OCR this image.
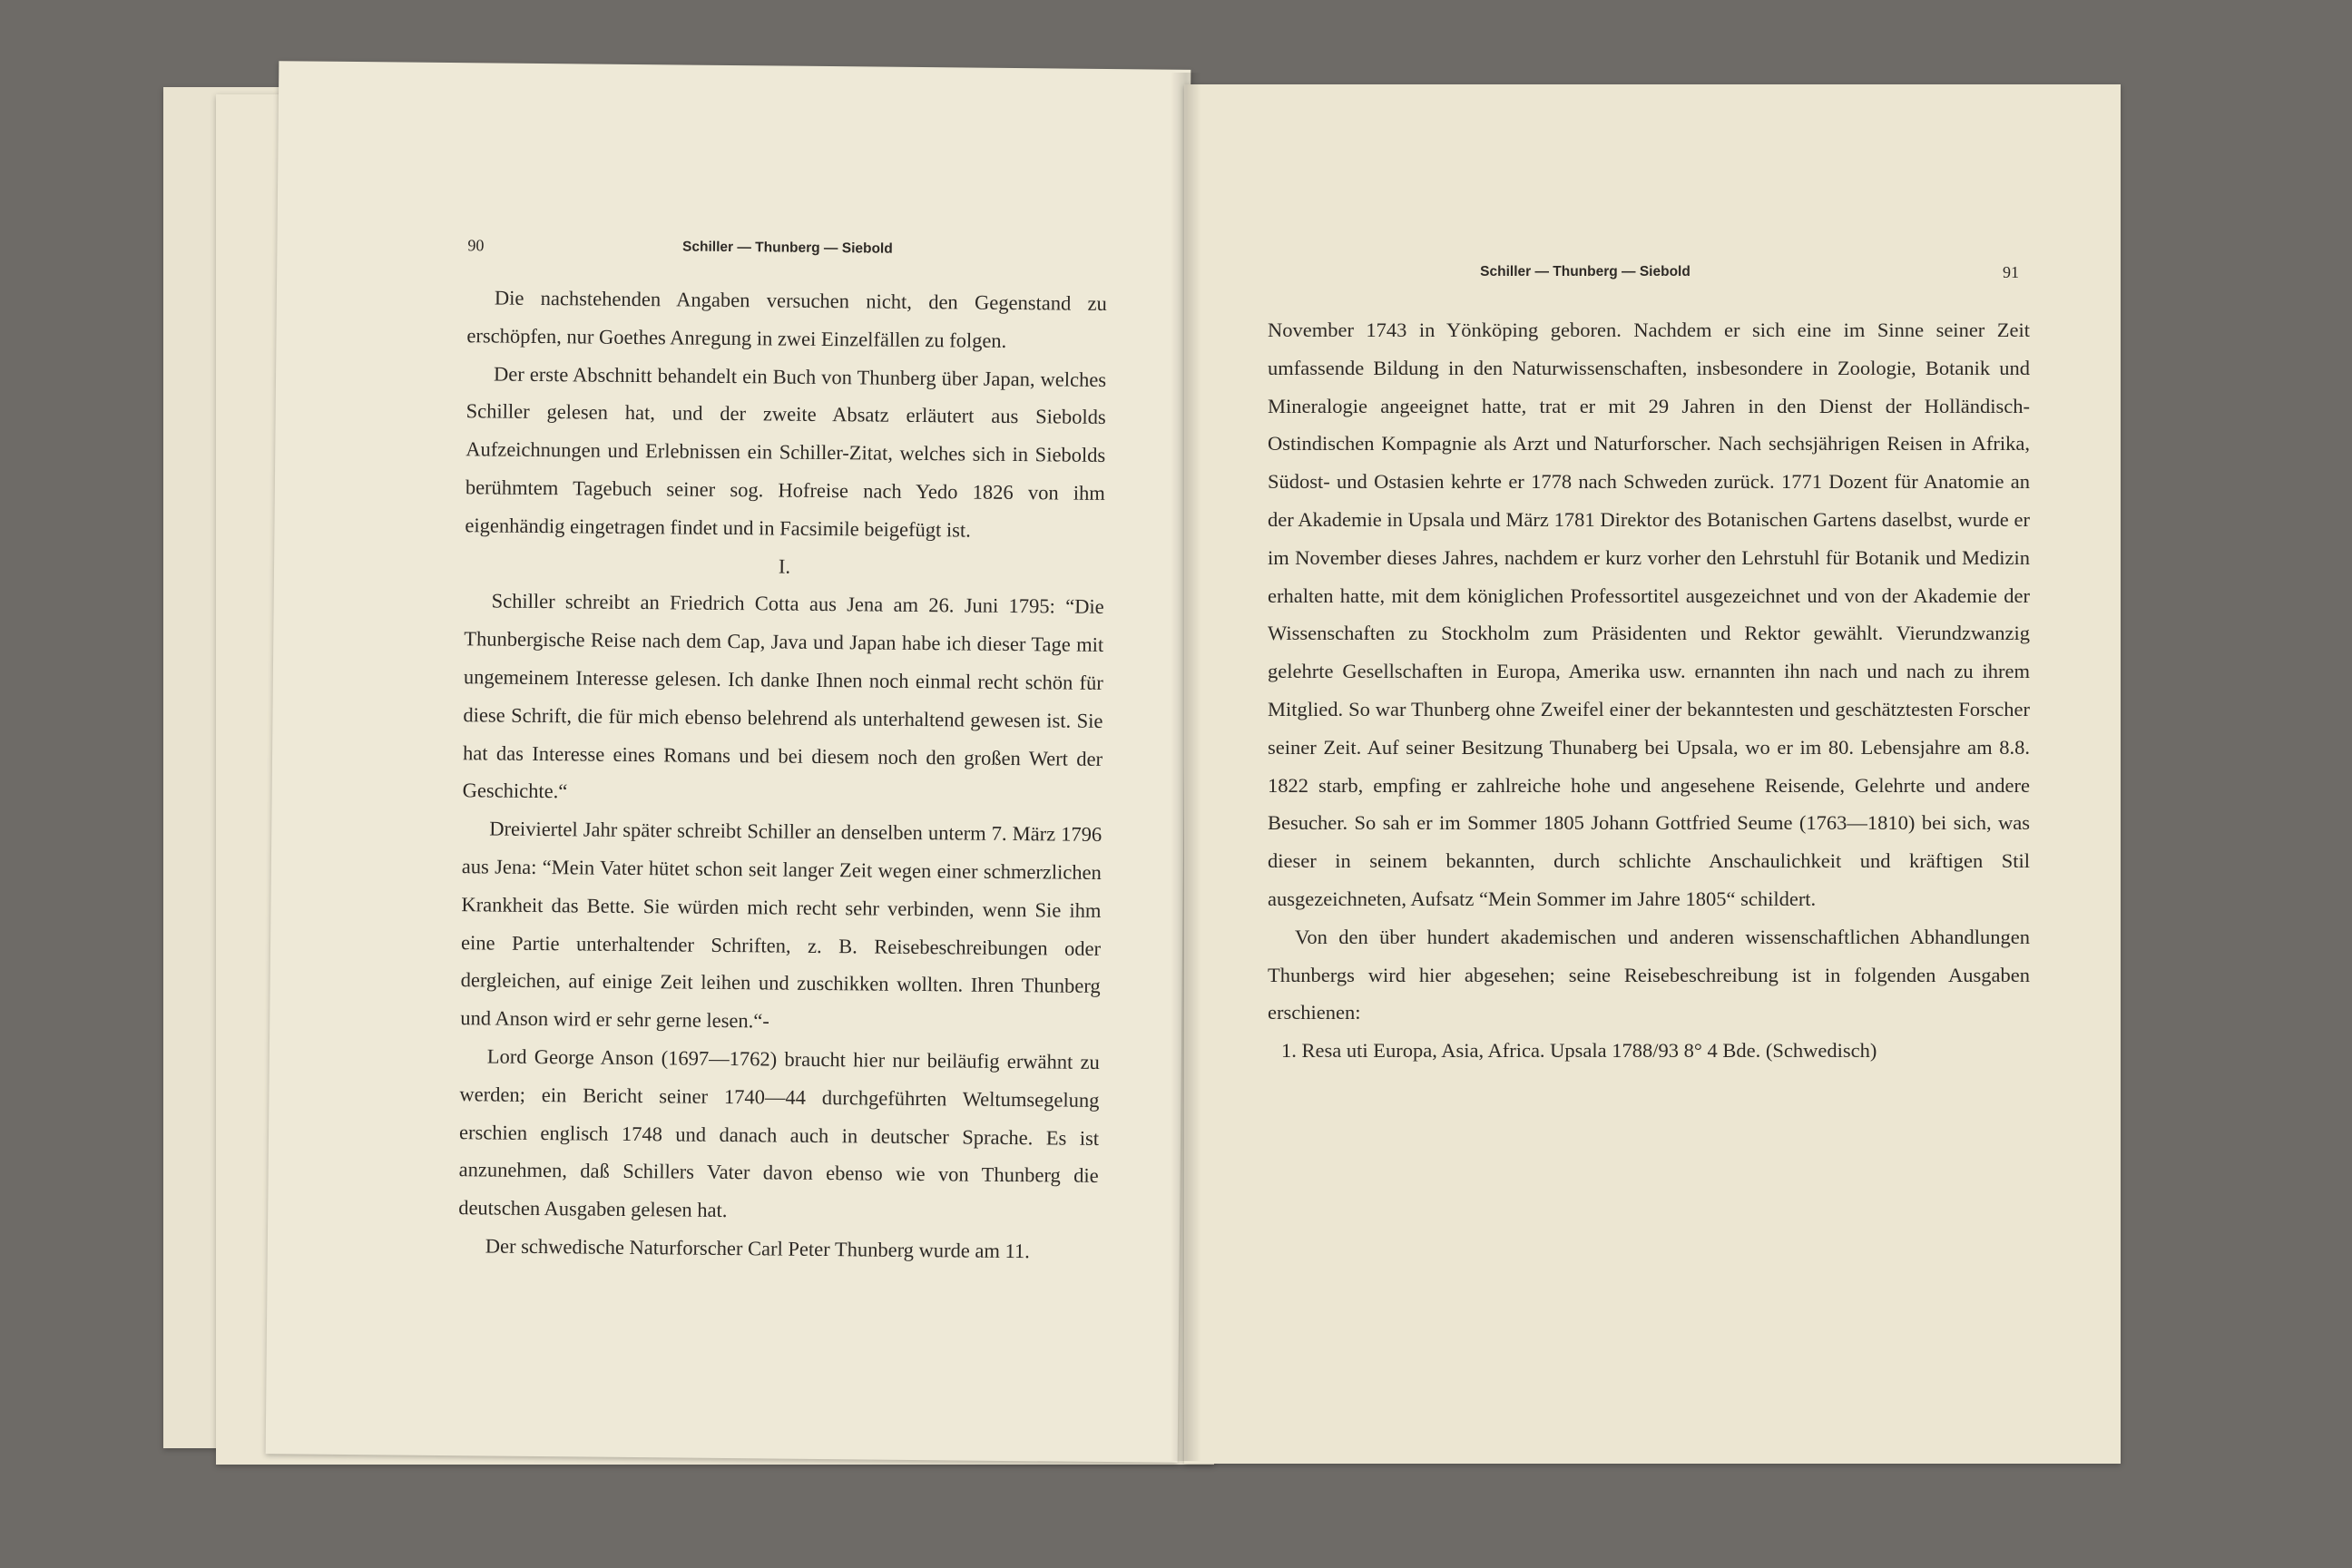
90	Schiller — Thunberg — Siebold

Die nachstehenden Angaben versuchen nicht, den Gegenstand zu erschöpfen, nur Goethes Anregung in zwei Einzelfällen zu folgen.

Der erste Abschnitt behandelt ein Buch von Thunberg über Japan, welches Schiller gelesen hat, und der zweite Absatz erläutert aus Siebolds Aufzeichnungen und Erlebnissen ein Schiller-Zitat, welches sich in Siebolds berühmtem Tagebuch seiner sog. Hofreise nach Yedo 1826 von ihm eigenhändig eingetragen findet und in Facsimile beigefügt ist.

I.

Schiller schreibt an Friedrich Cotta aus Jena am 26. Juni 1795: “Die Thunbergische Reise nach dem Cap, Java und Japan habe ich dieser Tage mit ungemeinem Interesse gelesen. Ich danke Ihnen noch einmal recht schön für diese Schrift, die für mich ebenso belehrend als unterhaltend gewesen ist. Sie hat das Interesse eines Romans und bei diesem noch den großen Wert der Geschichte.“

Dreiviertel Jahr später schreibt Schiller an denselben unterm 7. März 1796 aus Jena: “Mein Vater hütet schon seit langer Zeit wegen einer schmerzlichen Krankheit das Bette. Sie würden mich recht sehr verbinden, wenn Sie ihm eine Partie unterhaltender Schriften, z. B. Reisebeschreibungen oder dergleichen, auf einige Zeit leihen und zuschikken wollten. Ihren Thunberg und Anson wird er sehr gerne lesen.“-

Lord George Anson (1697—1762) braucht hier nur beiläufig erwähnt zu werden; ein Bericht seiner 1740—44 durchgeführten Weltumsegelung erschien englisch 1748 und danach auch in deutscher Sprache. Es ist anzunehmen, daß Schillers Vater davon ebenso wie von Thunberg die deutschen Ausgaben gelesen hat.

Der schwedische Naturforscher Carl Peter Thunberg wurde am 11.

Schiller — Thunberg — Siebold	91

November 1743 in Yönköping geboren. Nachdem er sich eine im Sinne seiner Zeit umfassende Bildung in den Naturwissenschaften, insbesondere in Zoologie, Botanik und Mineralogie angeeignet hatte, trat er mit 29 Jahren in den Dienst der Holländisch-Ostindischen Kompagnie als Arzt und Naturforscher. Nach sechsjährigen Reisen in Afrika, Südost- und Ostasien kehrte er 1778 nach Schweden zurück. 1771 Dozent für Anatomie an der Akademie in Upsala und März 1781 Direktor des Botanischen Gartens daselbst, wurde er im November dieses Jahres, nachdem er kurz vorher den Lehrstuhl für Botanik und Medizin erhalten hatte, mit dem königlichen Professortitel ausgezeichnet und von der Akademie der Wissenschaften zu Stockholm zum Präsidenten und Rektor gewählt. Vierundzwanzig gelehrte Gesellschaften in Europa, Amerika usw. ernannten ihn nach und nach zu ihrem Mitglied. So war Thunberg ohne Zweifel einer der bekanntesten und geschätztesten Forscher seiner Zeit. Auf seiner Besitzung Thunaberg bei Upsala, wo er im 80. Lebensjahre am 8.8. 1822 starb, empfing er zahlreiche hohe und angesehene Reisende, Gelehrte und andere Besucher. So sah er im Sommer 1805 Johann Gottfried Seume (1763—1810) bei sich, was dieser in seinem bekannten, durch schlichte Anschaulichkeit und kräftigen Stil ausgezeichneten, Aufsatz “Mein Sommer im Jahre 1805“ schildert.

Von den über hundert akademischen und anderen wissenschaftlichen Abhandlungen Thunbergs wird hier abgesehen; seine Reisebeschreibung ist in folgenden Ausgaben erschienen:

1. Resa uti Europa, Asia, Africa. Upsala 1788/93 8° 4 Bde. (Schwedisch)
